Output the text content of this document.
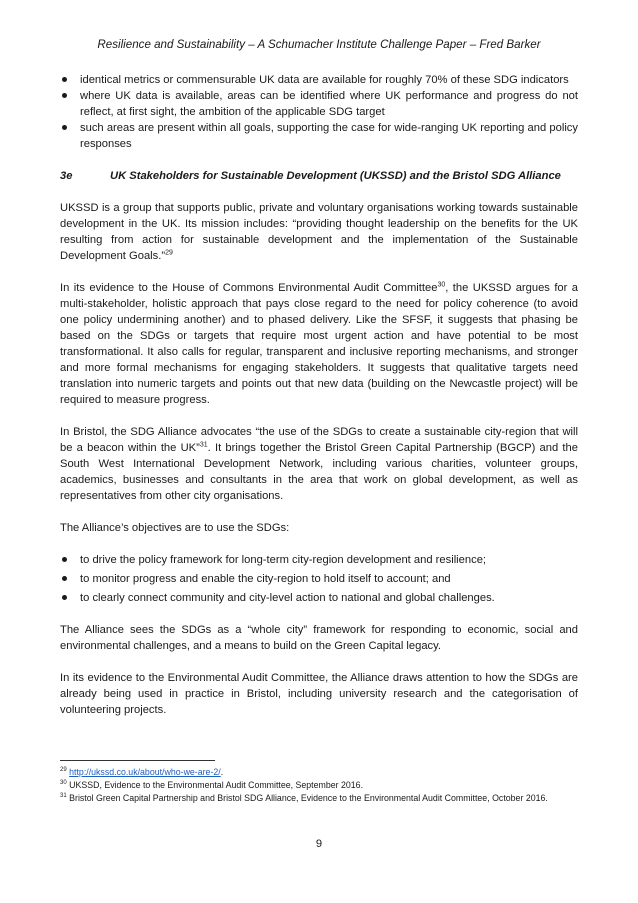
Resilience and Sustainability – A Schumacher Institute Challenge Paper – Fred Barker
identical metrics or commensurable UK data are available for roughly 70% of these SDG indicators
where UK data is available, areas can be identified where UK performance and progress do not reflect, at first sight, the ambition of the applicable SDG target
such areas are present within all goals, supporting the case for wide-ranging UK reporting and policy responses
3e	UK Stakeholders for Sustainable Development (UKSSD) and the Bristol SDG Alliance

UKSSD is a group that supports public, private and voluntary organisations working towards sustainable development in the UK. Its mission includes: “providing thought leadership on the benefits for the UK resulting from action for sustainable development and the implementation of the Sustainable Development Goals.”$^{29}$

In its evidence to the House of Commons Environmental Audit Committee$^{30}$, the UKSSD argues for a multi-stakeholder, holistic approach that pays close regard to the need for policy coherence (to avoid one policy undermining another) and to phased delivery. Like the SFSF, it suggests that phasing be based on the SDGs or targets that require most urgent action and have potential to be most transformational. It also calls for regular, transparent and inclusive reporting mechanisms, and stronger and more formal mechanisms for engaging stakeholders. It suggests that qualitative targets need translation into numeric targets and points out that new data (building on the Newcastle project) will be required to measure progress.

In Bristol, the SDG Alliance advocates “the use of the SDGs to create a sustainable city-region that will be a beacon within the UK”$^{31}$. It brings together the Bristol Green Capital Partnership (BGCP) and the South West International Development Network, including various charities, volunteer groups, academics, businesses and consultants in the area that work on global development, as well as representatives from other city organisations.

The Alliance’s objectives are to use the SDGs:

to drive the policy framework for long-term city-region development and resilience;
to monitor progress and enable the city-region to hold itself to account; and
to clearly connect community and city-level action to national and global challenges.

The Alliance sees the SDGs as a “whole city” framework for responding to economic, social and environmental challenges, and a means to build on the Green Capital legacy.

In its evidence to the Environmental Audit Committee, the Alliance draws attention to how the SDGs are already being used in practice in Bristol, including university research and the categorisation of volunteering projects.

$^{29}$ http://ukssd.co.uk/about/who-we-are-2/.

$^{30}$ UKSSD, Evidence to the Environmental Audit Committee, September 2016.

$^{31}$ Bristol Green Capital Partnership and Bristol SDG Alliance, Evidence to the Environmental Audit Committee, October 2016.

9
